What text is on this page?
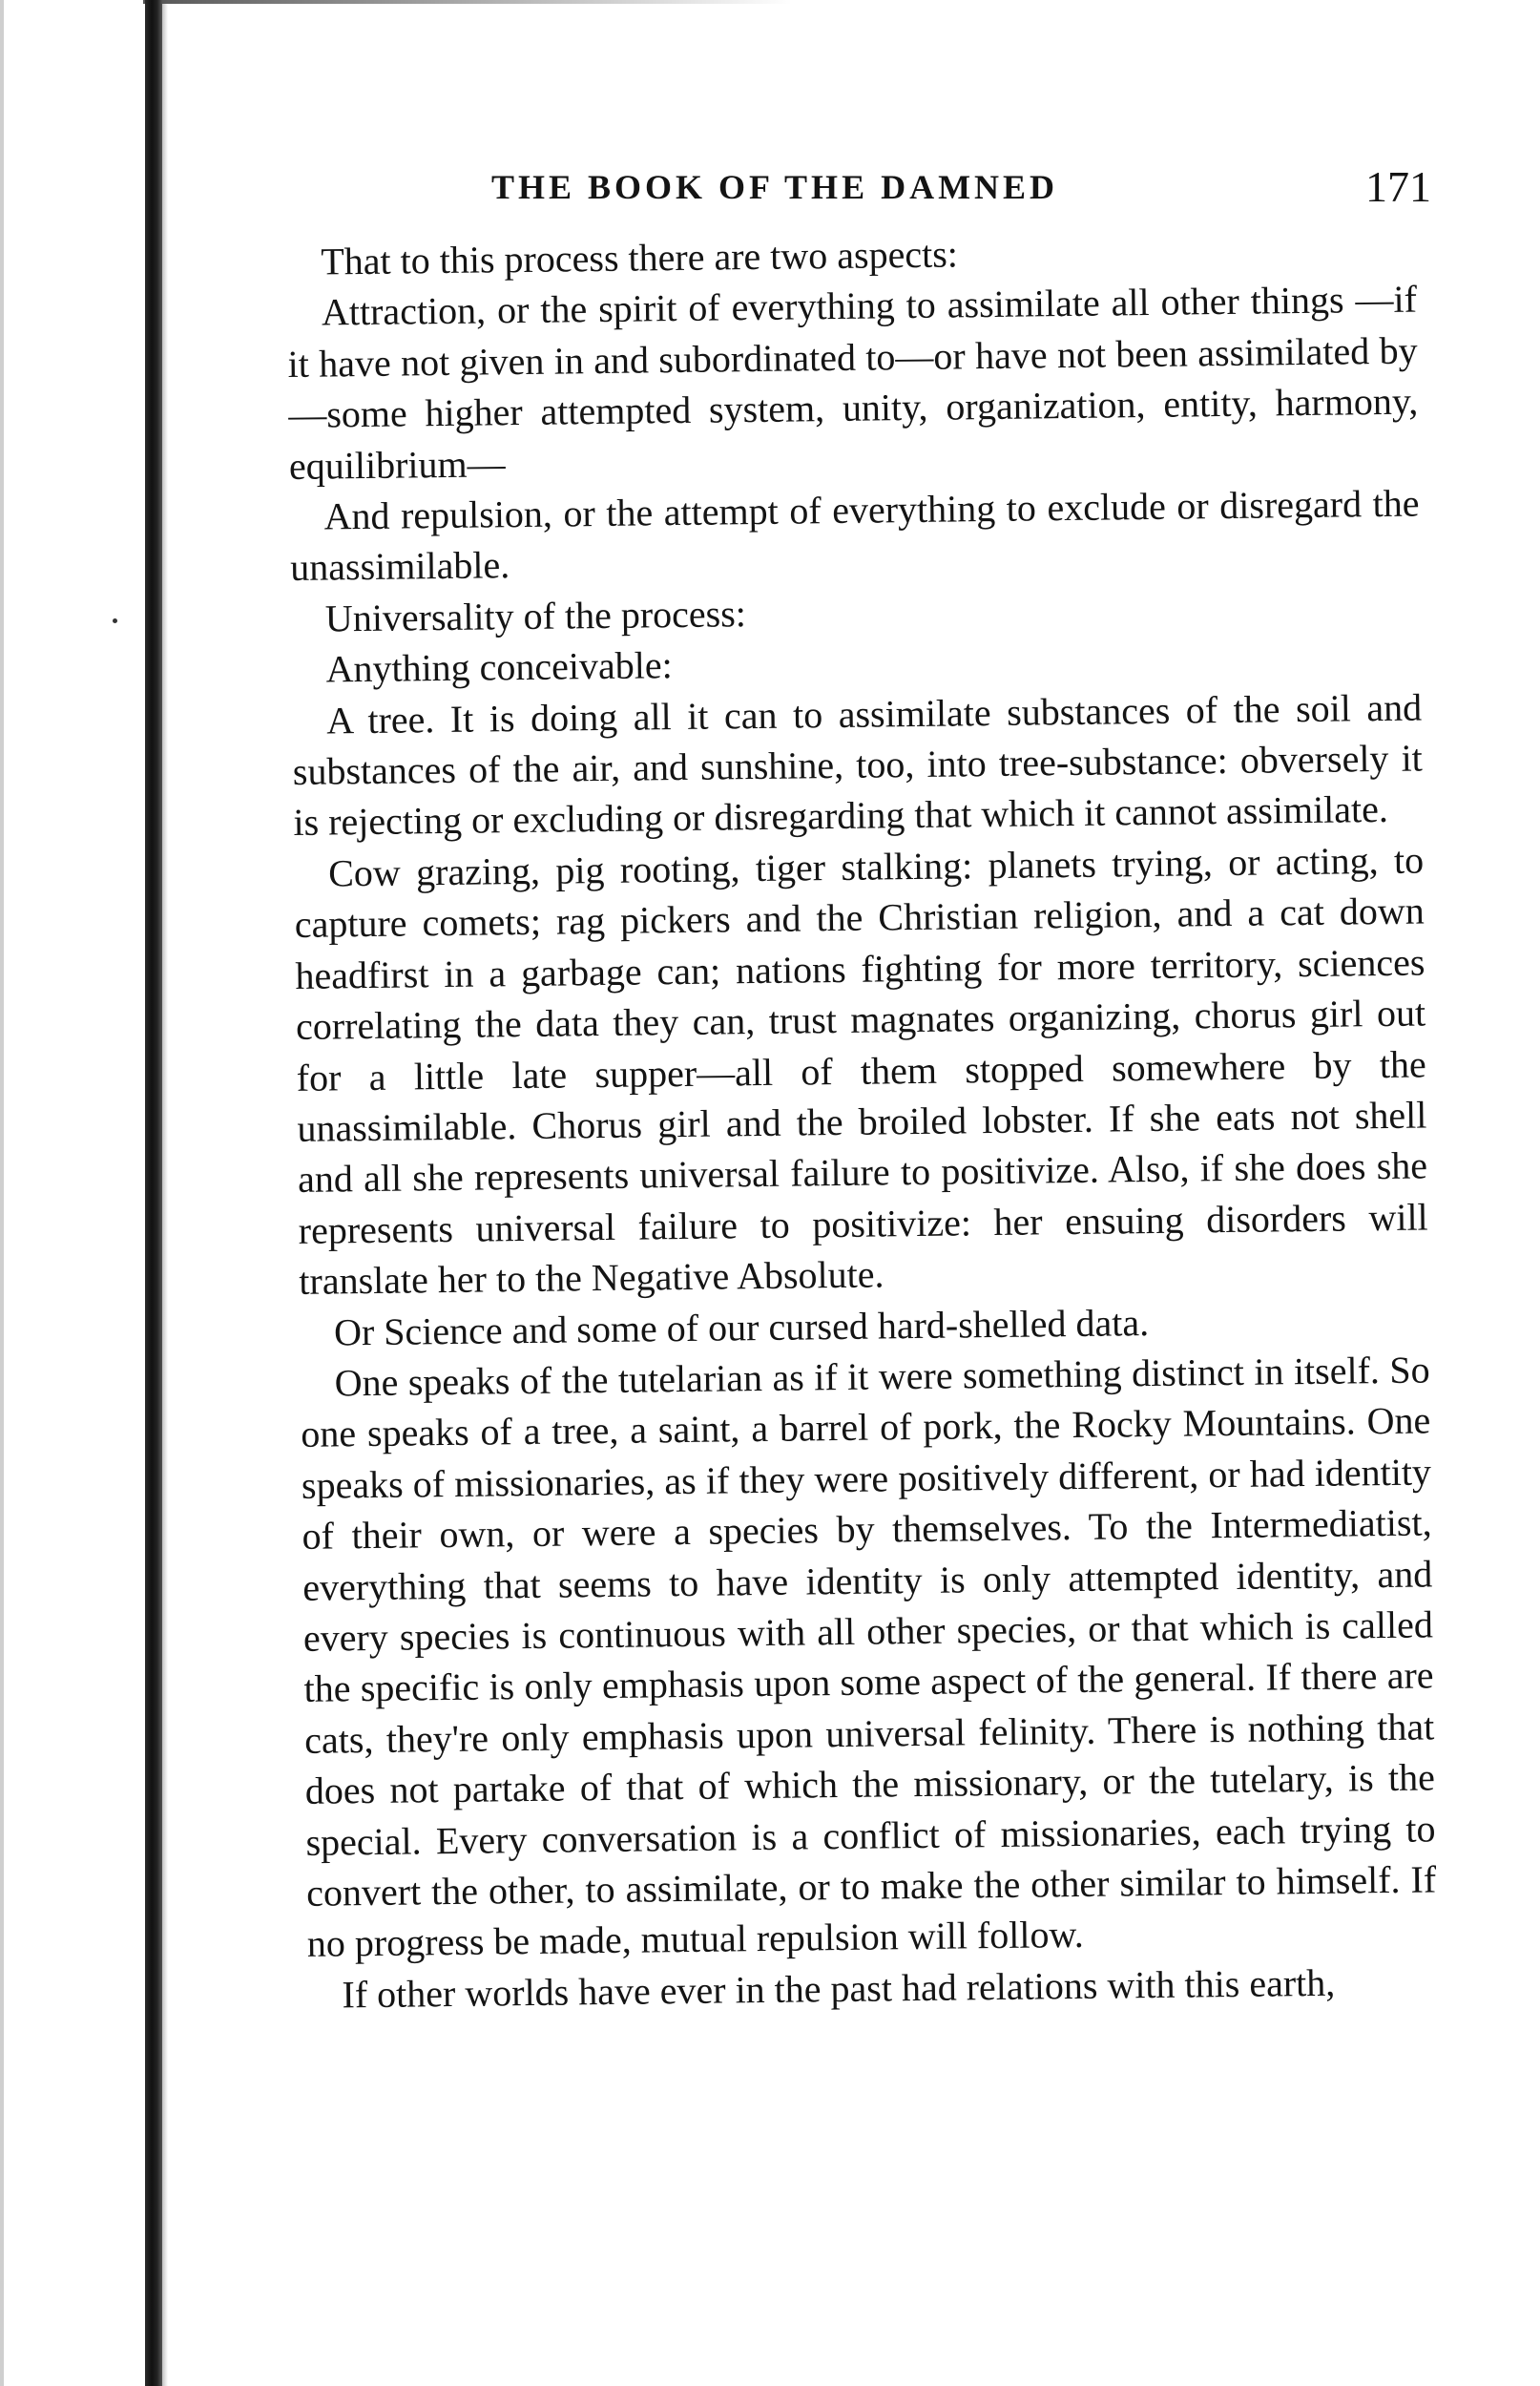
THE BOOK OF THE DAMNED	171

That to this process there are two aspects:

Attraction, or the spirit of everything to assimilate all other things —if it have not given in and subordinated to—or have not been assimilated by—some higher attempted system, unity, organization, entity, harmony, equilibrium—

And repulsion, or the attempt of everything to exclude or disregard the unassimilable.

Universality of the process:

Anything conceivable:

A tree. It is doing all it can to assimilate substances of the soil and substances of the air, and sunshine, too, into tree-substance: obversely it is rejecting or excluding or disregarding that which it cannot assimilate.

Cow grazing, pig rooting, tiger stalking: planets trying, or acting, to capture comets; rag pickers and the Christian religion, and a cat down headfirst in a garbage can; nations fighting for more territory, sciences correlating the data they can, trust magnates organizing, chorus girl out for a little late supper—all of them stopped somewhere by the unassimilable. Chorus girl and the broiled lobster. If she eats not shell and all she represents universal failure to positivize. Also, if she does she represents universal failure to positivize: her ensuing disorders will translate her to the Negative Absolute.

Or Science and some of our cursed hard-shelled data.

One speaks of the tutelarian as if it were something distinct in itself. So one speaks of a tree, a saint, a barrel of pork, the Rocky Mountains. One speaks of missionaries, as if they were positively different, or had identity of their own, or were a species by themselves. To the Intermediatist, everything that seems to have identity is only attempted identity, and every species is continuous with all other species, or that which is called the specific is only emphasis upon some aspect of the general. If there are cats, they're only emphasis upon universal felinity. There is nothing that does not partake of that of which the missionary, or the tutelary, is the special. Every conversation is a conflict of missionaries, each trying to convert the other, to assimilate, or to make the other similar to himself. If no progress be made, mutual repulsion will follow.

If other worlds have ever in the past had relations with this earth,
